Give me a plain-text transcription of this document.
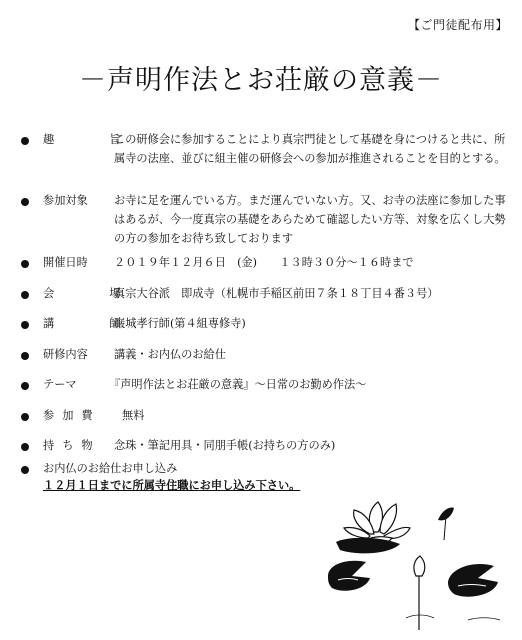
【ご門徒配布用】
－声明作法とお荘厳の意義－
趣　旨
この研修会に参加することにより真宗門徒として基礎を身につけると共に、所
属寺の法座、並びに組主催の研修会への参加が推進されることを目的とする。
参加対象 お寺に足を運んでいる方。まだ運んでいない方。又、お寺の法座に参加した事
はあるが、今一度真宗の基礎をあらためて確認したい方等、対象を広くし大勢
の方の参加をお待ち致しております
開催日時 ２０１９年１２月６日　(金)　　１３時３０分～１６時まで
会　場
真宗大谷派　即成寺（札幌市手稲区前田７条１８丁目４番３号）
講　師
巌城孝行師(第４組専修寺)
研修内容 講義・お内仏のお給仕
テーマ	『声明作法とお荘厳の意義』～日常のお勤め作法～
参加費 無料
持ち物 念珠・筆記用具・同朋手帳(お持ちの方のみ)
お内仏のお給仕お申し込み
１２月１日までに所属寺住職にお申し込み下さい。
